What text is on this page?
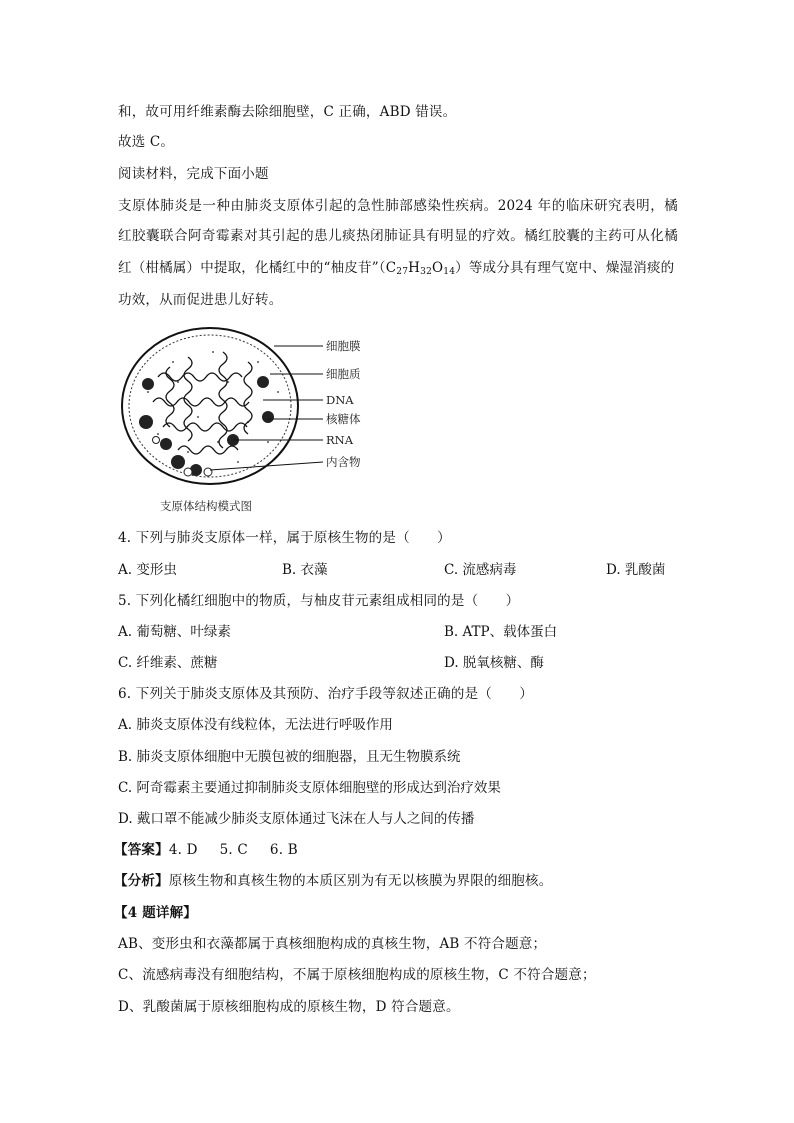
和，故可用纤维素酶去除细胞壁，C 正确，ABD 错误。
故选 C。
阅读材料，完成下面小题
支原体肺炎是一种由肺炎支原体引起的急性肺部感染性疾病。2024 年的临床研究表明，橘
红胶囊联合阿奇霉素对其引起的患儿痰热闭肺证具有明显的疗效。橘红胶囊的主药可从化橘
红（柑橘属）中提取，化橘红中的“柚皮苷$”(C_{27}H_{32}O_{14})$等成分具有理气宽中、燥湿消痰的
功效，从而促进患儿好转。
细胞膜
细胞质
DNA
核糖体
RNA
内含物
支原体结构模式图
4. 下列与肺炎支原体一样，属于原核生物的是（　　）
A. 变形虫	B. 衣藻	C. 流感病毒	D. 乳酸菌
5. 下列化橘红细胞中的物质，与柚皮苷元素组成相同的是（　　）
A. 葡萄糖、叶绿素	B. ATP、载体蛋白
C. 纤维素、蔗糖	D. 脱氧核糖、酶
6. 下列关于肺炎支原体及其预防、治疗手段等叙述正确的是（　　）
A. 肺炎支原体没有线粒体，无法进行呼吸作用
B. 肺炎支原体细胞中无膜包被的细胞器，且无生物膜系统
C. 阿奇霉素主要通过抑制肺炎支原体细胞壁的形成达到治疗效果
D. 戴口罩不能减少肺炎支原体通过飞沫在人与人之间的传播
【答案】4. D 5. C 6. B
【分析】原核生物和真核生物的本质区别为有无以核膜为界限的细胞核。
【4 题详解】
AB、变形虫和衣藻都属于真核细胞构成的真核生物，AB 不符合题意；
C、流感病毒没有细胞结构，不属于原核细胞构成的原核生物，C 不符合题意；
D、乳酸菌属于原核细胞构成的原核生物，D 符合题意。
